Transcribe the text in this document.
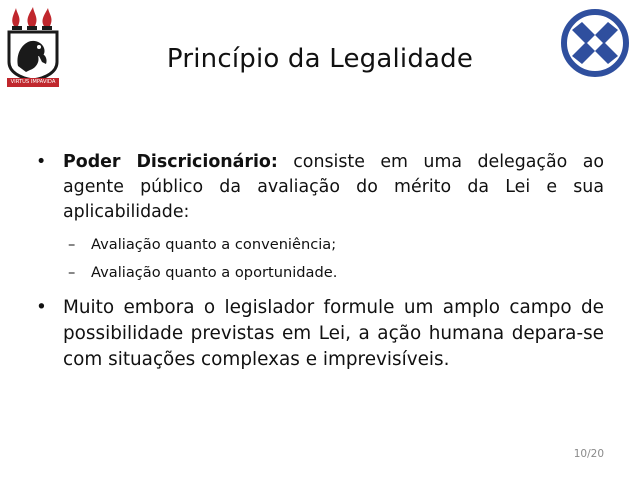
VIRTUS IMPAVIDA
Princípio da Legalidade
• Poder Discricionário: consiste em uma delegação ao agente público da avaliação do mérito da Lei e sua aplicabilidade:
– Avaliação quanto a conveniência;
– Avaliação quanto a oportunidade.
• Muito embora o legislador formule um amplo campo de possibilidade previstas em Lei, a ação humana depara-se com situações complexas e imprevisíveis.
10/20
